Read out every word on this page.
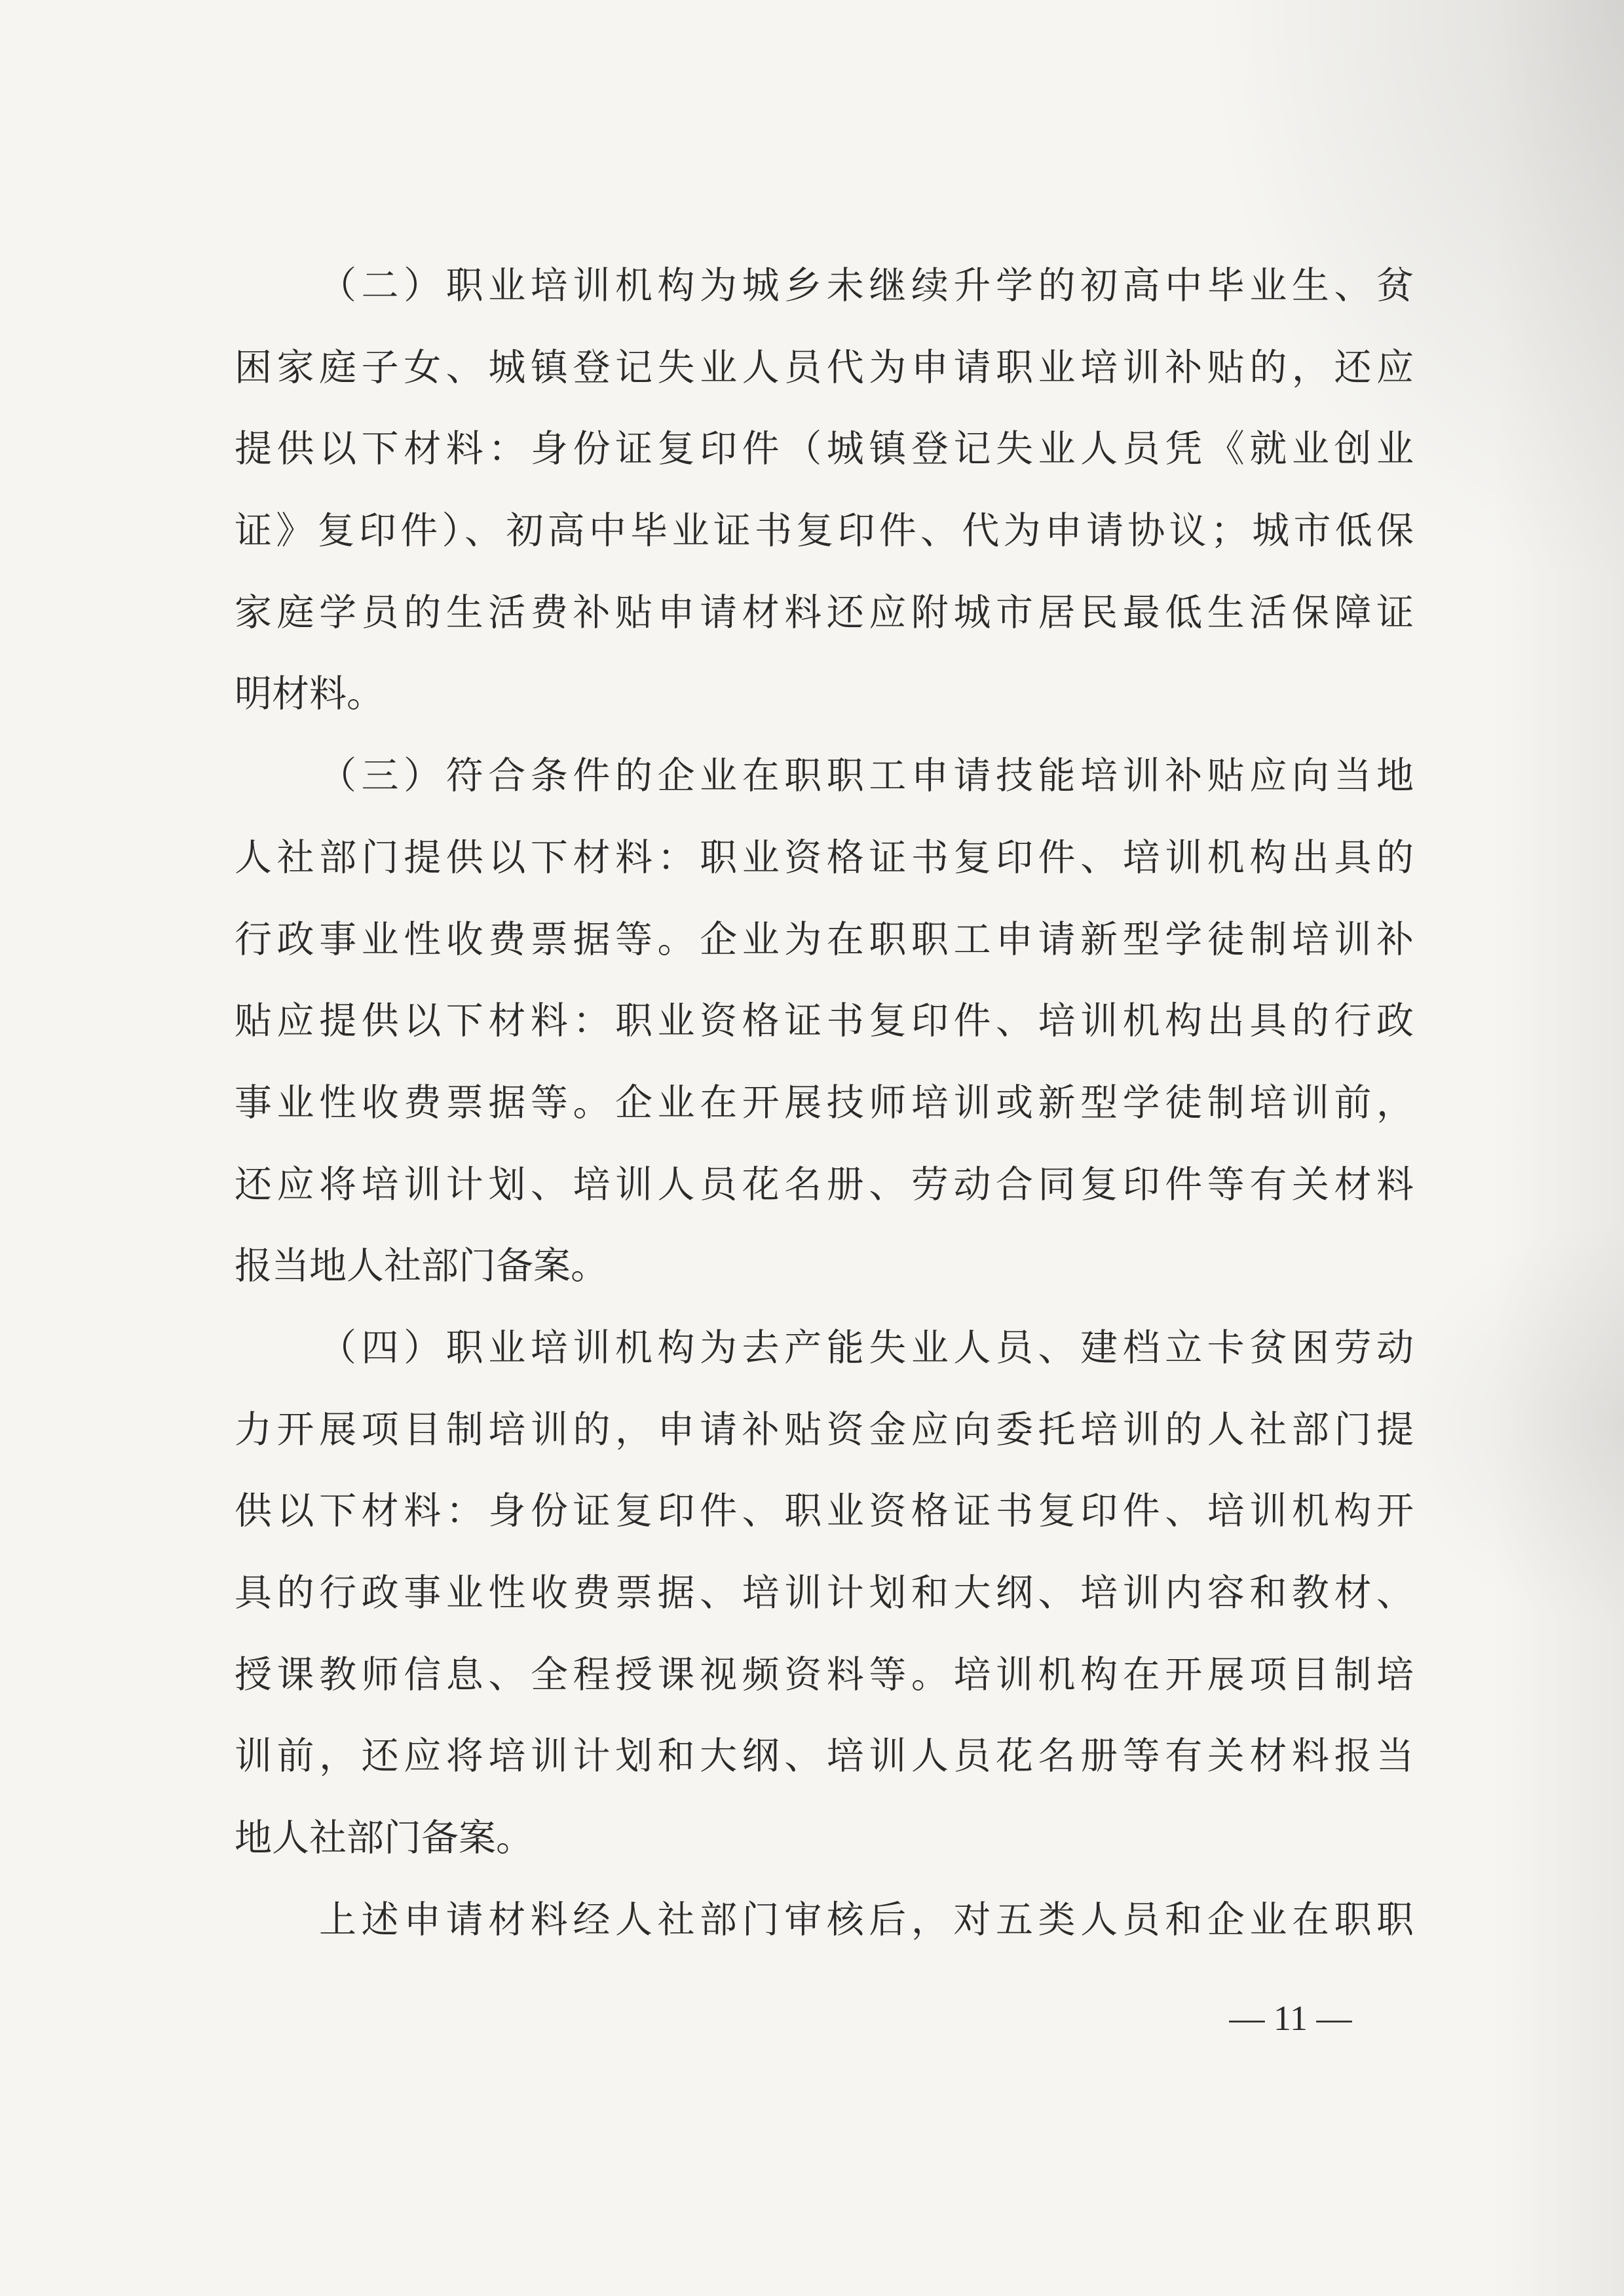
（二）职业培训机构为城乡未继续升学的初高中毕业生、贫
困家庭子女、城镇登记失业人员代为申请职业培训补贴的，还应
提供以下材料：身份证复印件（城镇登记失业人员凭《就业创业
证》复印件）、初高中毕业证书复印件、代为申请协议；城市低保
家庭学员的生活费补贴申请材料还应附城市居民最低生活保障证
明材料。
（三）符合条件的企业在职职工申请技能培训补贴应向当地
人社部门提供以下材料：职业资格证书复印件、培训机构出具的
行政事业性收费票据等。企业为在职职工申请新型学徒制培训补
贴应提供以下材料：职业资格证书复印件、培训机构出具的行政
事业性收费票据等。企业在开展技师培训或新型学徒制培训前，
还应将培训计划、培训人员花名册、劳动合同复印件等有关材料
报当地人社部门备案。
（四）职业培训机构为去产能失业人员、建档立卡贫困劳动
力开展项目制培训的，申请补贴资金应向委托培训的人社部门提
供以下材料：身份证复印件、职业资格证书复印件、培训机构开
具的行政事业性收费票据、培训计划和大纲、培训内容和教材、
授课教师信息、全程授课视频资料等。培训机构在开展项目制培
训前，还应将培训计划和大纲、培训人员花名册等有关材料报当
地人社部门备案。
上述申请材料经人社部门审核后，对五类人员和企业在职职
— 11 —
